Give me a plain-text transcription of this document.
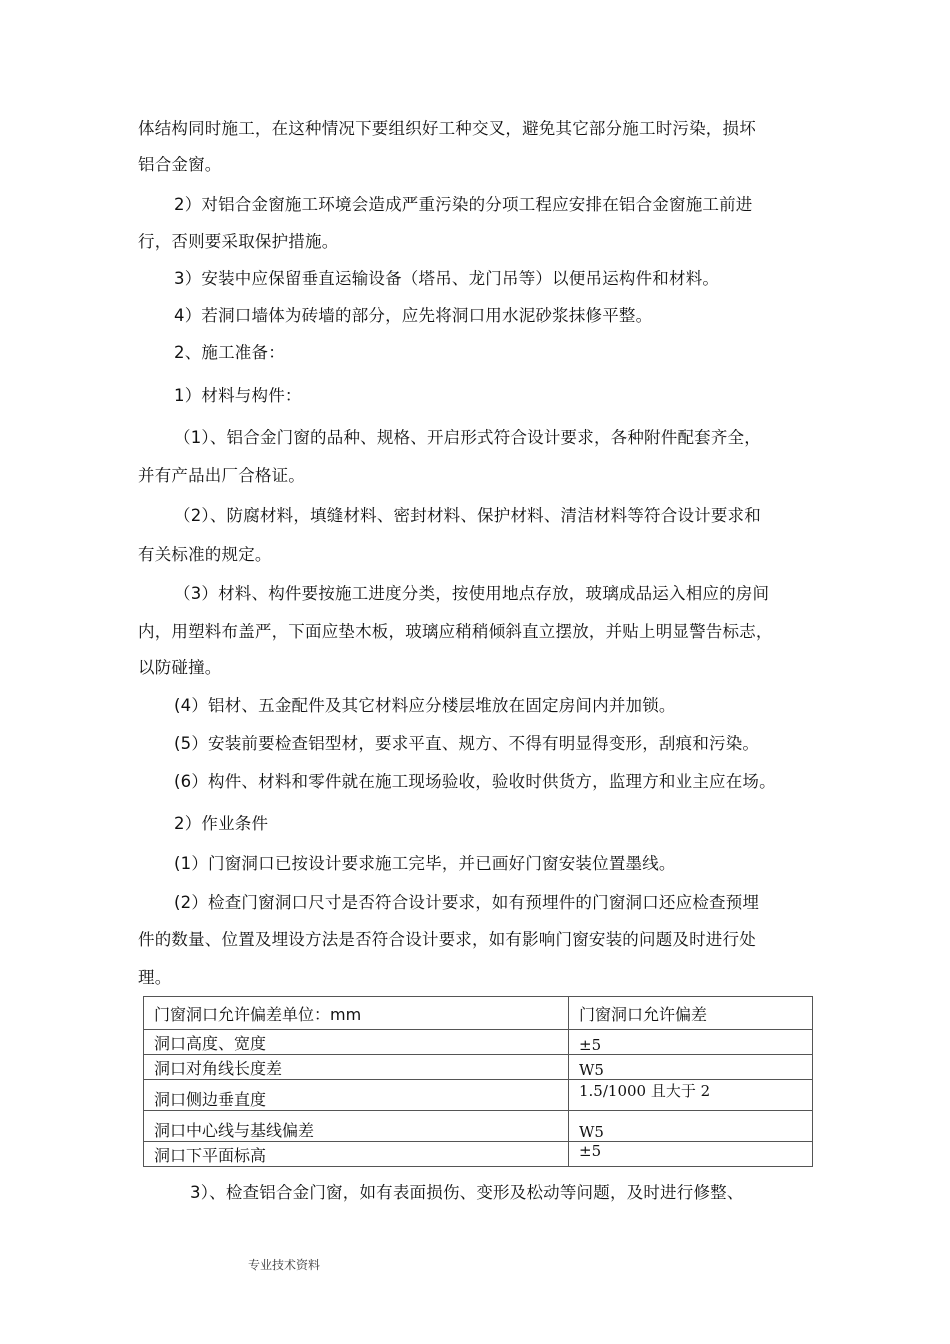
体结构同时施工，在这种情况下要组织好工种交叉，避免其它部分施工时污染，损坏
铝合金窗。
2）对铝合金窗施工环境会造成严重污染的分项工程应安排在铝合金窗施工前进
行，否则要采取保护措施。
3）安装中应保留垂直运输设备（塔吊、龙门吊等）以便吊运构件和材料。
4）若洞口墙体为砖墙的部分，应先将洞口用水泥砂浆抹修平整。
2、施工准备：
1）材料与构件：
（1）、铝合金门窗的品种、规格、开启形式符合设计要求，各种附件配套齐全，
并有产品出厂合格证。
（2）、防腐材料，填缝材料、密封材料、保护材料、清洁材料等符合设计要求和
有关标准的规定。
（3）材料、构件要按施工进度分类，按使用地点存放，玻璃成品运入相应的房间
内，用塑料布盖严，下面应垫木板，玻璃应稍稍倾斜直立摆放，并贴上明显警告标志，
以防碰撞。
(4）铝材、五金配件及其它材料应分楼层堆放在固定房间内并加锁。
(5）安装前要检查铝型材，要求平直、规方、不得有明显得变形，刮痕和污染。
(6）构件、材料和零件就在施工现场验收，验收时供货方，监理方和业主应在场。
2）作业条件
(1）门窗洞口已按设计要求施工完毕，并已画好门窗安装位置墨线。
(2）检查门窗洞口尺寸是否符合设计要求，如有预埋件的门窗洞口还应检查预埋
件的数量、位置及埋设方法是否符合设计要求，如有影响门窗安装的问题及时进行处
理。
门窗洞口允许偏差单位：mm	门窗洞口允许偏差
洞口高度、宽度	±5
洞口对角线长度差	W5
洞口侧边垂直度	1.5/1000 且大于 2
洞口中心线与基线偏差	W5
洞口下平面标高	±5
3）、检查铝合金门窗，如有表面损伤、变形及松动等问题，及时进行修整、
专业技术资料
